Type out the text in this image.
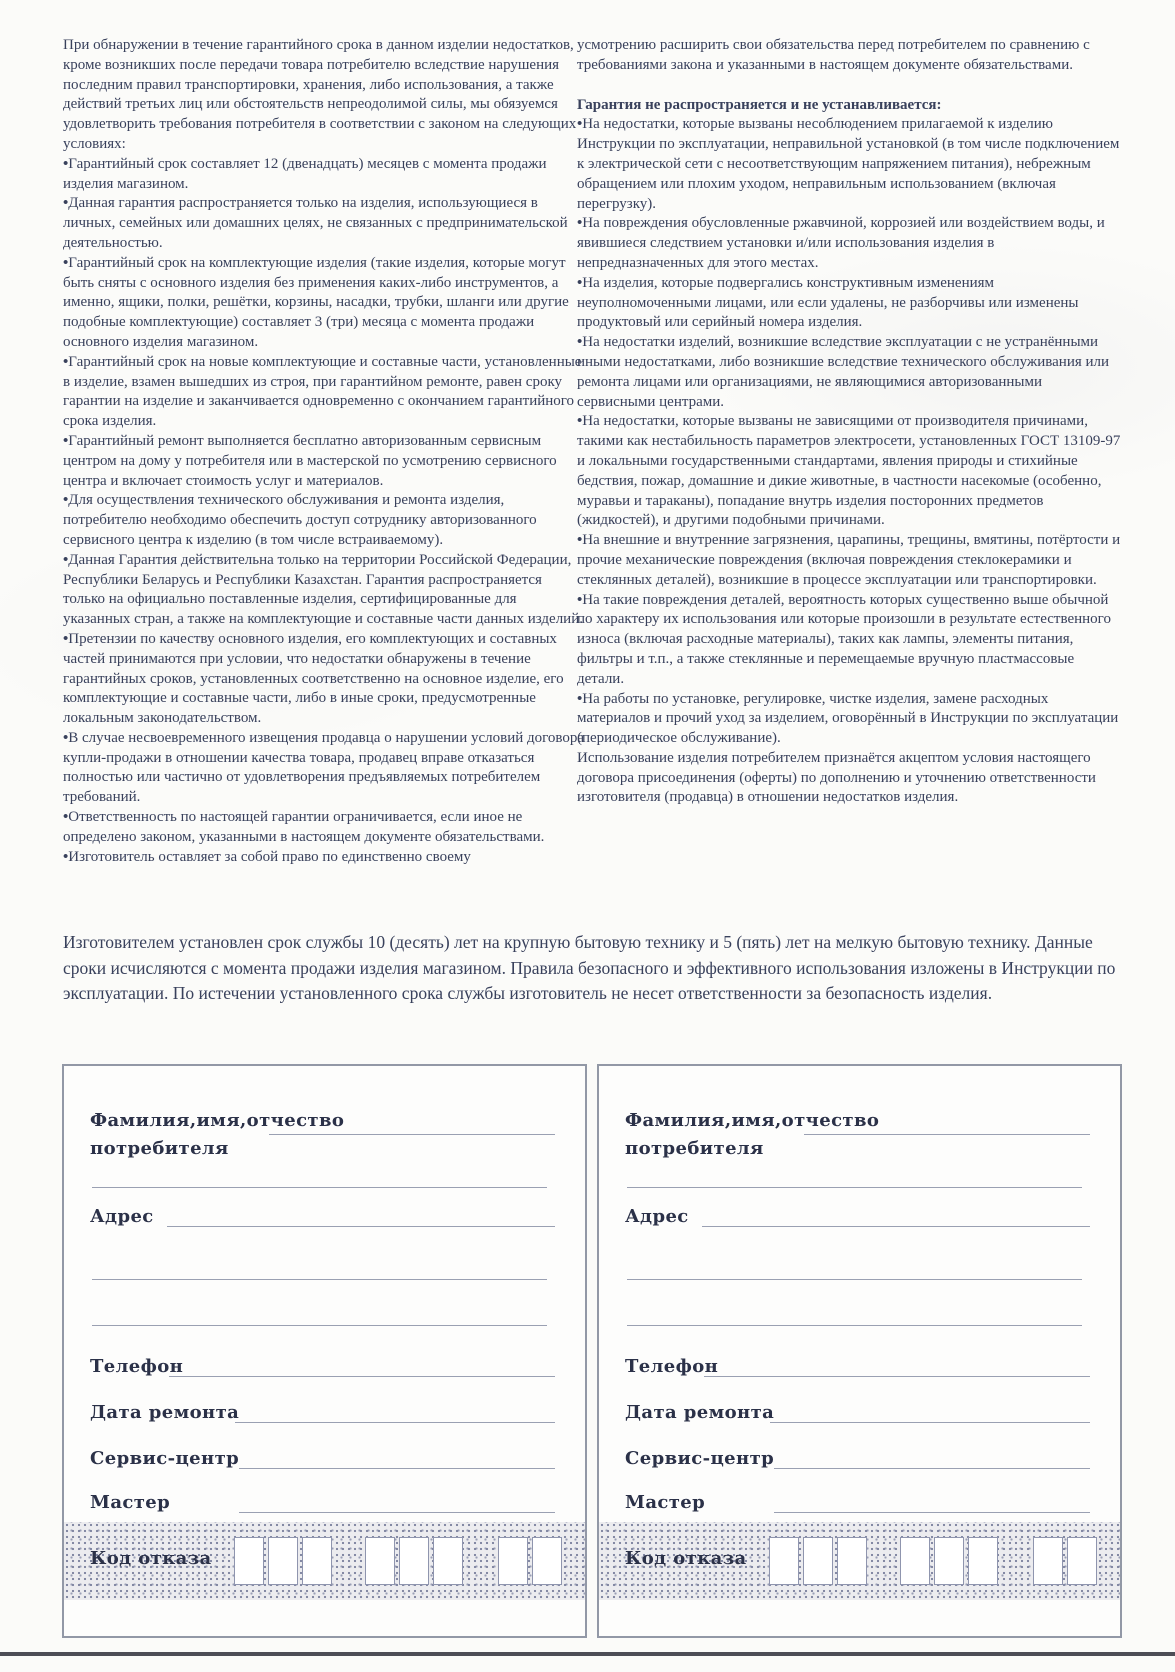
При обнаружении в течение гарантийного срока в данном изделии недостатков, кроме возникших после передачи товара потребителю вследствие нарушения последним правил транспортировки, хранения, либо использования, а также действий третьих лиц или обстоятельств непреодолимой силы, мы обязуемся удовлетворить требования потребителя в соответствии с законом на следующих условиях:

• Гарантийный срок составляет 12 (двенадцать) месяцев с момента продажи изделия магазином.

• Данная гарантия распространяется только на изделия, использующиеся в личных, семейных или домашних целях, не связанных с предпринимательской деятельностью.

• Гарантийный срок на комплектующие изделия (такие изделия, которые могут быть сняты с основного изделия без применения каких-либо инструментов, а именно, ящики, полки, решётки, корзины, насадки, трубки, шланги или другие подобные комплектующие) составляет 3 (три) месяца с момента продажи основного изделия магазином.

• Гарантийный срок на новые комплектующие и составные части, установленные в изделие, взамен вышедших из строя, при гарантийном ремонте, равен сроку гарантии на изделие и заканчивается одновременно с окончанием гарантийного срока изделия.

• Гарантийный ремонт выполняется бесплатно авторизованным сервисным центром на дому у потребителя или в мастерской по усмотрению сервисного центра и включает стоимость услуг и материалов.

• Для осуществления технического обслуживания и ремонта изделия, потребителю необходимо обеспечить доступ сотруднику авторизованного сервисного центра к изделию (в том числе встраиваемому).

• Данная Гарантия действительна только на территории Российской Федерации, Республики Беларусь и Республики Казахстан. Гарантия распространяется только на официально поставленные изделия, сертифицированные для указанных стран, а также на комплектующие и составные части данных изделий.

• Претензии по качеству основного изделия, его комплектующих и составных частей принимаются при условии, что недостатки обнаружены в течение гарантийных сроков, установленных соответственно на основное изделие, его комплектующие и составные части, либо в иные сроки, предусмотренные локальным законодательством.

• В случае несвоевременного извещения продавца о нарушении условий договора купли-продажи в отношении качества товара, продавец вправе отказаться полностью или частично от удовлетворения предъявляемых потребителем требований.

• Ответственность по настоящей гарантии ограничивается, если иное не определено законом, указанными в настоящем документе обязательствами.

• Изготовитель оставляет за собой право по единственно своему

усмотрению расширить свои обязательства перед потребителем по сравнению с требованиями закона и указанными в настоящем документе обязательствами.

Гарантия не распространяется и не устанавливается:

• На недостатки, которые вызваны несоблюдением прилагаемой к изделию Инструкции по эксплуатации, неправильной установкой (в том числе подключением к электрической сети с несоответствующим напряжением питания), небрежным обращением или плохим уходом, неправильным использованием (включая перегрузку).

• На повреждения обусловленные ржавчиной, коррозией или воздействием воды, и явившиеся следствием установки и/или использования изделия в непредназначенных для этого местах.

• На изделия, которые подвергались конструктивным изменениям неуполномоченными лицами, или если удалены, не разборчивы или изменены продуктовый или серийный номера изделия.

• На недостатки изделий, возникшие вследствие эксплуатации с не устранёнными иными недостатками, либо возникшие вследствие технического обслуживания или ремонта лицами или организациями, не являющимися авторизованными сервисными центрами.

• На недостатки, которые вызваны не зависящими от производителя причинами, такими как нестабильность параметров электросети, установленных ГОСТ 13109-97 и локальными государственными стандартами, явления природы и стихийные бедствия, пожар, домашние и дикие животные, в частности насекомые (особенно, муравьи и тараканы), попадание внутрь изделия посторонних предметов (жидкостей), и другими подобными причинами.

• На внешние и внутренние загрязнения, царапины, трещины, вмятины, потёртости и прочие механические повреждения (включая повреждения стеклокерамики и стеклянных деталей), возникшие в процессе эксплуатации или транспортировки.

• На такие повреждения деталей, вероятность которых существенно выше обычной по характеру их использования или которые произошли в результате естественного износа (включая расходные материалы), таких как лампы, элементы питания, фильтры и т.п., а также стеклянные и перемещаемые вручную пластмассовые детали.

• На работы по установке, регулировке, чистке изделия, замене расходных материалов и прочий уход за изделием, оговорённый в Инструкции по эксплуатации (периодическое обслуживание).

Использование изделия потребителем признаётся акцептом условия настоящего договора присоединения (оферты) по дополнению и уточнению ответственности изготовителя (продавца) в отношении недостатков изделия.

Изготовителем установлен срок службы 10 (десять) лет на крупную бытовую технику и 5 (пять) лет на мелкую бытовую технику. Данные сроки исчисляются с момента продажи изделия магазином. Правила безопасного и эффективного использования изложены в Инструкции по эксплуатации. По истечении установленного срока службы изготовитель не несет ответственности за безопасность изделия.
Фамилия,имя,отчество
потребителя
Адрес
Телефон
Дата ремонта
Сервис-центр
Мастер
Код отказа
Фамилия,имя,отчество
потребителя
Адрес
Телефон
Дата ремонта
Сервис-центр
Мастер
Код отказа
